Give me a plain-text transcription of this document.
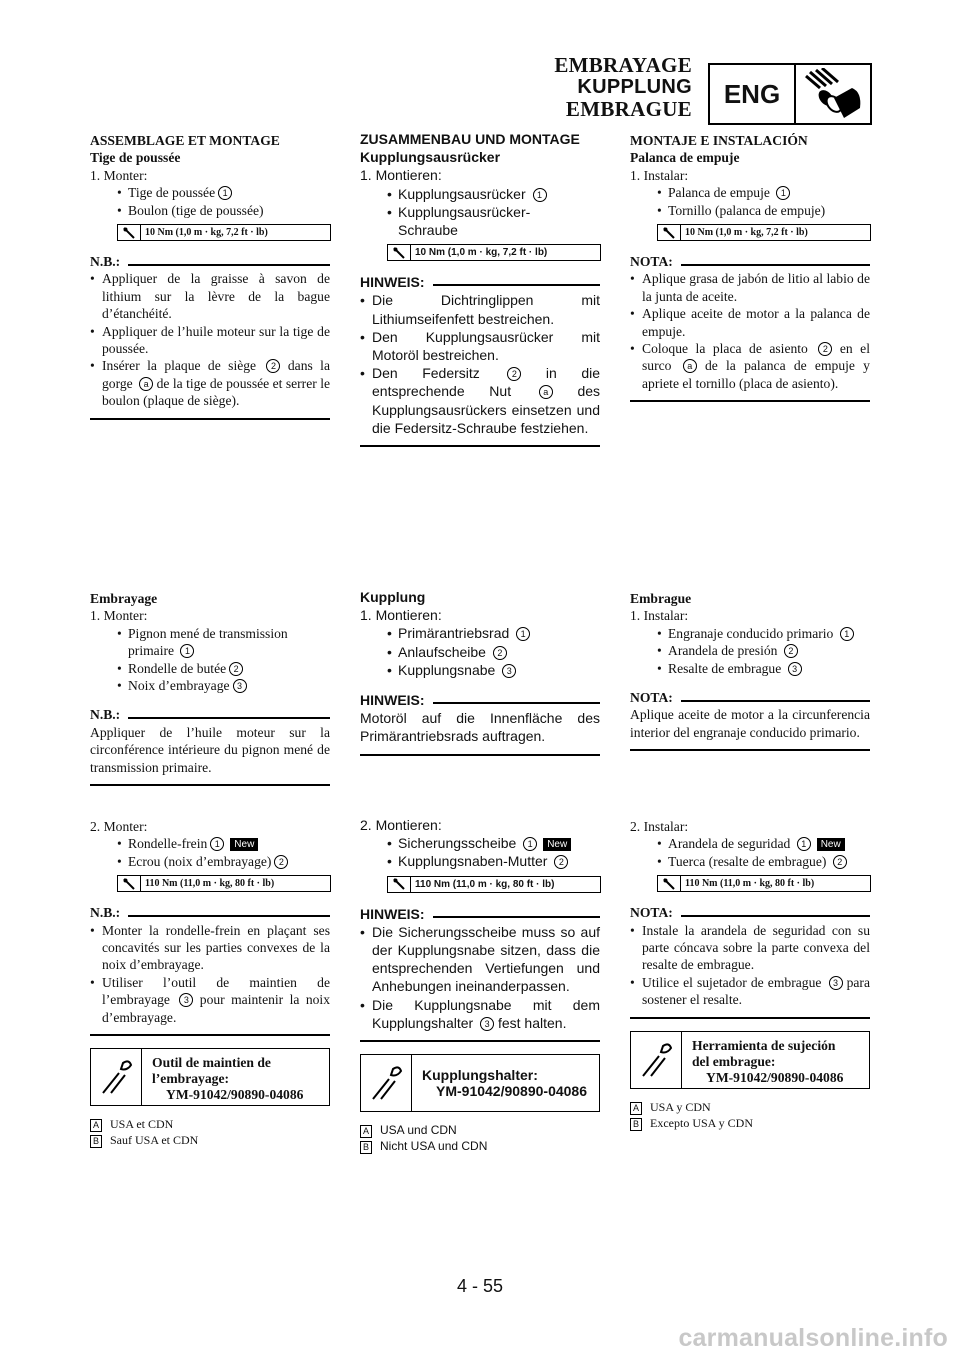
EMBRAYAGE
KUPPLUNG
EMBRAGUE
ENG
ASSEMBLAGE ET MONTAGE
Tige de poussée
1. Monter:
• Tige de poussée 1
• Boulon (tige de poussée)
10 Nm (1,0 m · kg, 7,2 ft · lb)
N.B.:
• Appliquer de la graisse à savon de lithium sur la lèvre de la bague d’étanchéité.
• Appliquer de l’huile moteur sur la tige de poussée.
• Insérer la plaque de siège 2 dans la gorge a de la tige de poussée et serrer le boulon (plaque de siège).
Embrayage
1. Monter:
• Pignon mené de transmission primaire 1
• Rondelle de butée 2
• Noix d’embrayage 3
N.B.:
Appliquer de l’huile moteur sur la circonférence intérieure du pignon mené de transmission primaire.
2. Monter:
• Rondelle-frein 1 New
• Ecrou (noix d’embrayage) 2
110 Nm (11,0 m · kg, 80 ft · lb)
N.B.:
• Monter la rondelle-frein en plaçant ses concavités sur les parties convexes de la noix d’embrayage.
• Utiliser l’outil de maintien de l’embrayage 3 pour maintenir la noix d’embrayage.
Outil de maintien de
l’embrayage:
YM-91042/90890-04086
A USA et CDN
B Sauf USA et CDN
ZUSAMMENBAU UND MONTAGE
Kupplungsausrücker
1. Montieren:
• Kupplungsausrücker 1
• Kupplungsausrücker-
Schraube
10 Nm (1,0 m · kg, 7,2 ft · lb)
HINWEIS:
• Die Dichtringlippen mit Lithiumseifenfett bestreichen.
• Den Kupplungsausrücker mit Motoröl bestreichen.
• Den Federsitz	2 in die entsprechende Nut	a des Kupplungsausrückers einsetzen und die Federsitz-Schraube festziehen.
Kupplung
1. Montieren:
• Primärantriebsrad 1
• Anlaufscheibe 2
• Kupplungsnabe 3
HINWEIS:
Motoröl auf die Innenfläche des Primärantriebsrads auftragen.
2. Montieren:
• Sicherungsscheibe 1 New
• Kupplungsnaben-Mutter 2
110 Nm (11,0 m · kg, 80 ft · lb)
HINWEIS:
• Die Sicherungsscheibe muss so auf der Kupplungsnabe sitzen, dass die entsprechenden Vertiefungen und Anhebungen ineinanderpassen.
• Die Kupplungsnabe mit dem Kupplungshalter 3 fest halten.
Kupplungshalter:
YM-91042/90890-04086
A USA und CDN
B Nicht USA und CDN
MONTAJE E INSTALACIÓN
Palanca de empuje
1. Instalar:
• Palanca de empuje 1
• Tornillo (palanca de empuje)
10 Nm (1,0 m · kg, 7,2 ft · lb)
NOTA:
• Aplique grasa de jabón de litio al labio de la junta de aceite.
• Aplique aceite de motor a la palanca de empuje.
• Coloque la placa de asiento 2 en el surco a de la palanca de empuje y apriete el tornillo (placa de asiento).
Embrague
1. Instalar:
• Engranaje conducido primario 1
• Arandela de presión 2
• Resalte de embrague 3
NOTA:
Aplique aceite de motor a la circunferencia interior del engranaje conducido primario.
2. Instalar:
• Arandela de seguridad 1 New
• Tuerca (resalte de embrague) 2
110 Nm (11,0 m · kg, 80 ft · lb)
NOTA:
• Instale la arandela de seguridad con su parte cóncava sobre la parte convexa del resalte de embrague.
• Utilice el sujetador de embrague 3 para sostener el resalte.
Herramienta de sujeción
del embrague:
YM-91042/90890-04086
A USA y CDN
B Excepto USA y CDN
4 - 55
carmanualsonline.info
